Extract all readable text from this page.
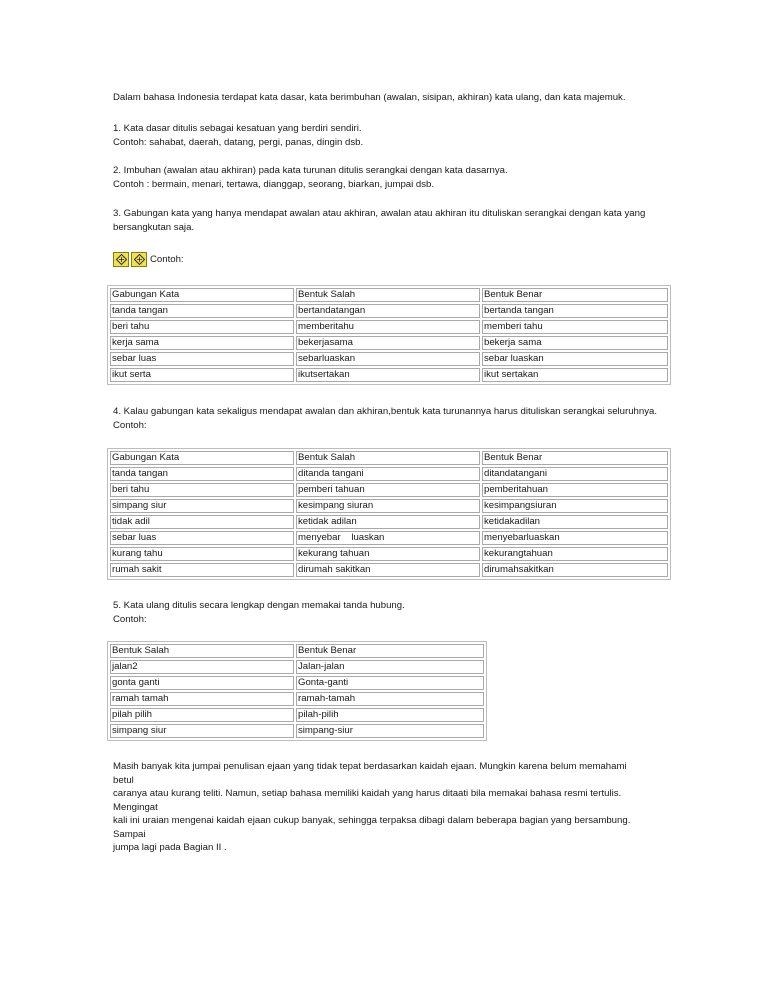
Dalam bahasa Indonesia terdapat kata dasar, kata berimbuhan (awalan, sisipan, akhiran) kata ulang, dan kata majemuk.

1. Kata dasar ditulis sebagai kesatuan yang berdiri sendiri.
Contoh: sahabat, daerah, datang, pergi, panas, dingin dsb.
2. Imbuhan (awalan atau akhiran) pada kata turunan ditulis serangkai dengan kata dasarnya.
Contoh : bermain, menari, tertawa, dianggap, seorang, biarkan, jumpai dsb.
3. Gabungan kata yang hanya mendapat awalan atau akhiran, awalan atau akhiran itu dituliskan serangkai dengan kata yang
bersangkutan saja.
Contoh:
Gabungan Kata	Bentuk Salah	Bentuk Benar
tanda tangan	bertandatangan	bertanda tangan
beri tahu	memberitahu	memberi tahu
kerja sama	bekerjasama	bekerja sama
sebar luas	sebarluaskan	sebar luaskan
ikut serta	ikutsertakan	ikut sertakan
4. Kalau gabungan kata sekaligus mendapat awalan dan akhiran,bentuk kata turunannya harus dituliskan serangkai seluruhnya.
Contoh:
Gabungan Kata	Bentuk Salah	Bentuk Benar
tanda tangan	ditanda tangani	ditandatangani
beri tahu	pemberi tahuan	pemberitahuan
simpang siur	kesimpang siuran	kesimpangsiuran
tidak adil	ketidak adilan	ketidakadilan
sebar luas	menyebar    luaskan	menyebarluaskan
kurang tahu	kekurang tahuan	kekurangtahuan
rumah sakit	dirumah sakitkan	dirumahsakitkan
5. Kata ulang ditulis secara lengkap dengan memakai tanda hubung.
Contoh:
Bentuk Salah	Bentuk Benar
jalan2	Jalan-jalan
gonta ganti	Gonta-ganti
ramah tamah	ramah-tamah
pilah pilih	pilah-pilih
simpang siur	simpang-siur
Masih banyak kita jumpai penulisan ejaan yang tidak tepat berdasarkan kaidah ejaan. Mungkin karena belum memahami betul
caranya atau kurang teliti. Namun, setiap bahasa memiliki kaidah yang harus ditaati bila memakai bahasa resmi tertulis. Mengingat
kali ini uraian mengenai kaidah ejaan cukup banyak, sehingga terpaksa dibagi dalam beberapa bagian yang bersambung. Sampai
jumpa lagi pada Bagian II .
